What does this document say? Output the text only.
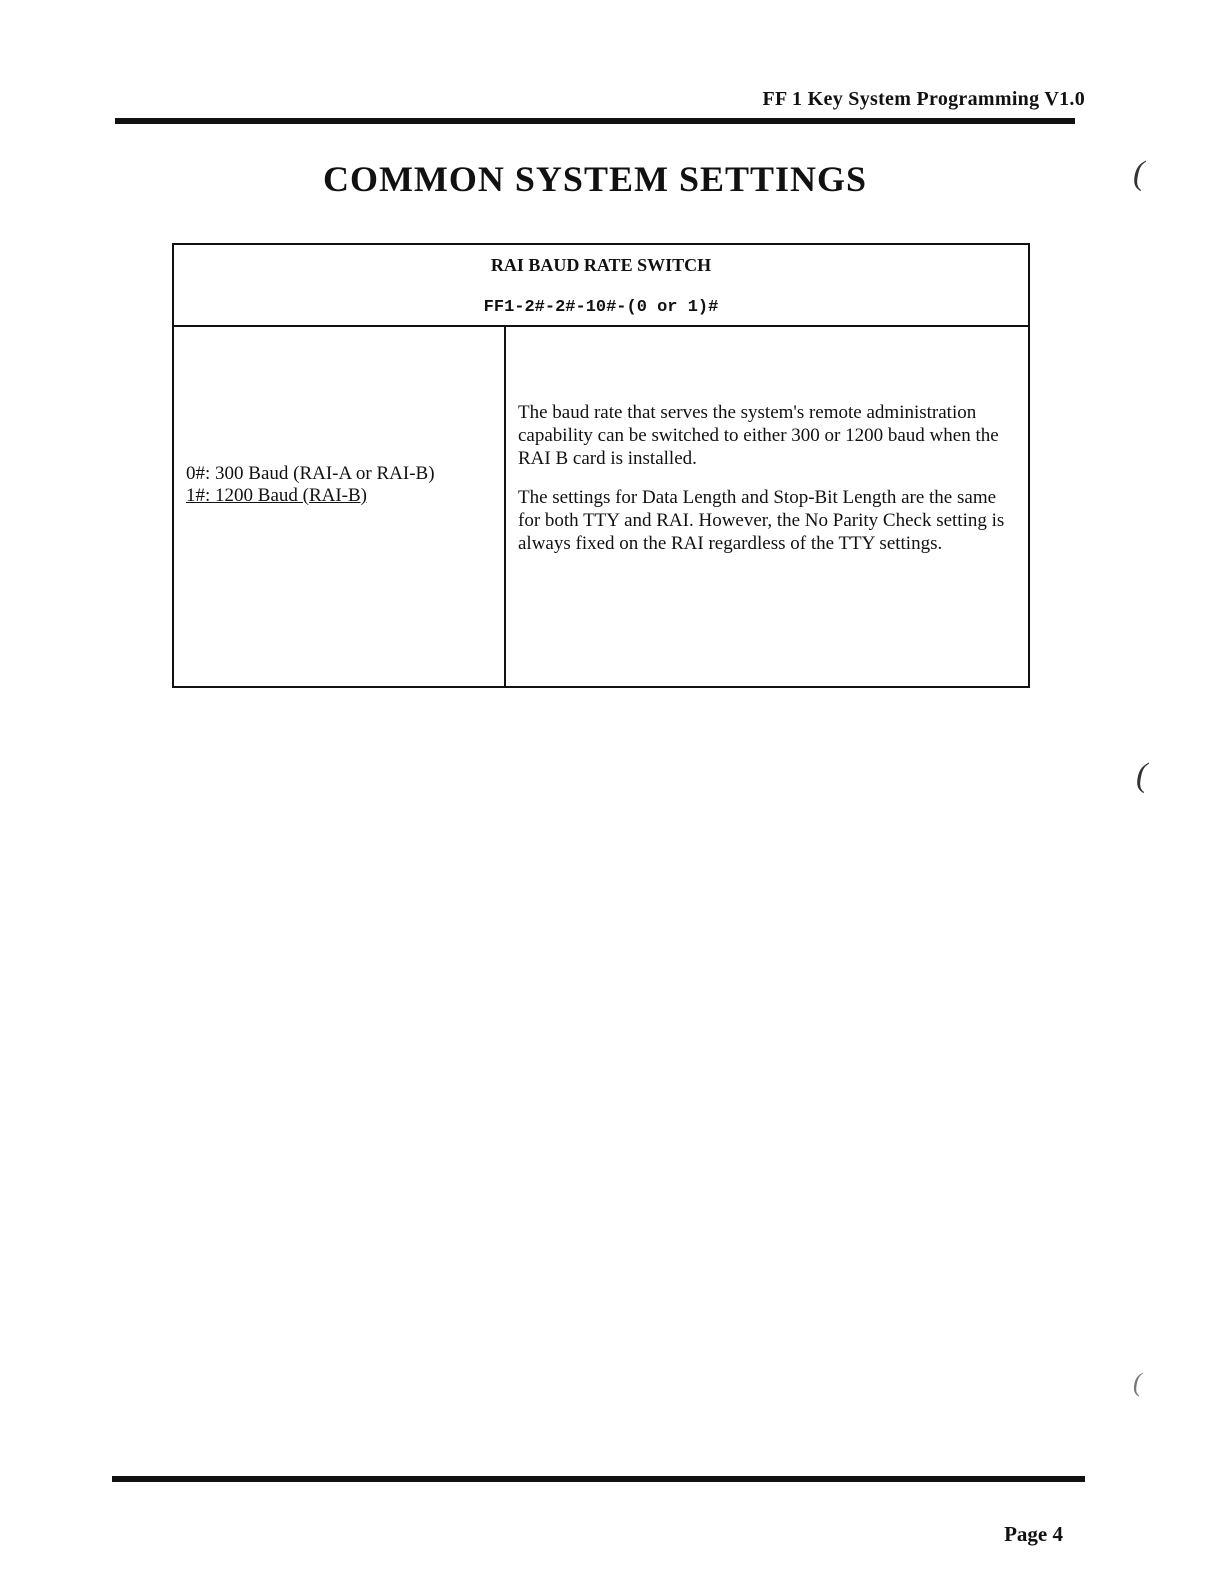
FF 1 Key System Programming V1.0
COMMON SYSTEM SETTINGS
RAI BAUD RATE SWITCH
FF1-2#-2#-10#-(0 or 1)#
0#: 300 Baud (RAI-A or RAI-B)
1#: 1200 Baud (RAI-B)

The baud rate that serves the system's remote administration capability can be switched to either 300 or 1200 baud when the RAI B card is installed.

The settings for Data Length and Stop-Bit Length are the same for both TTY and RAI. However, the No Parity Check setting is always fixed on the RAI regardless of the TTY settings.

(
(
(
Page 4
